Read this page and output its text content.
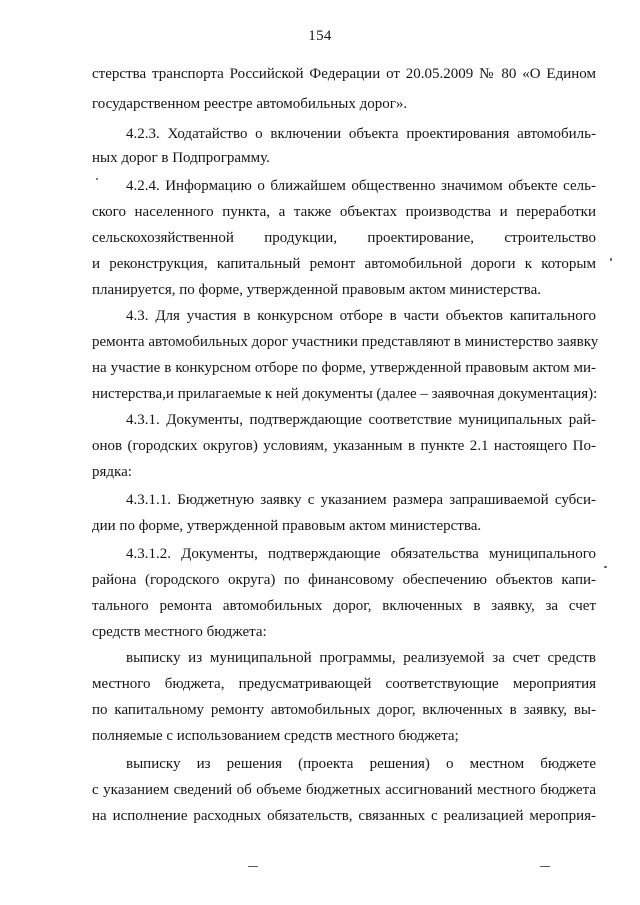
154
стерства транспорта Российской Федерации от 20.05.2009 № 80 «О Едином
государственном реестре автомобильных дорог».
4.2.3. Ходатайство о включении объекта проектирования автомобиль-
ных дорог в Подпрограмму.
4.2.4. Информацию о ближайшем общественно значимом объекте сель-
ского населенного пункта, а также объектах производства и переработки
сельскохозяйственной продукции, проектирование, строительство
и реконструкция, капитальный ремонт автомобильной дороги к которым
планируется, по форме, утвержденной правовым актом министерства.
4.3. Для участия в конкурсном отборе в части объектов капитального
ремонта автомобильных дорог участники представляют в министерство заявку
на участие в конкурсном отборе по форме, утвержденной правовым актом ми-
нистерства,и прилагаемые к ней документы (далее – заявочная документация):
4.3.1. Документы, подтверждающие соответствие муниципальных рай-
онов (городских округов) условиям, указанным в пункте 2.1 настоящего По-
рядка:
4.3.1.1. Бюджетную заявку с указанием размера запрашиваемой субси-
дии по форме, утвержденной правовым актом министерства.
4.3.1.2. Документы, подтверждающие обязательства муниципального
района (городского округа) по финансовому обеспечению объектов капи-
тального ремонта автомобильных дорог, включенных в заявку, за счет
средств местного бюджета:
выписку из муниципальной программы, реализуемой за счет средств
местного бюджета, предусматривающей соответствующие мероприятия
по капитальному ремонту автомобильных дорог, включенных в заявку, вы-
полняемые с использованием средств местного бюджета;
выписку из решения (проекта решения) о местном бюджете
с указанием сведений об объеме бюджетных ассигнований местного бюджета
на исполнение расходных обязательств, связанных с реализацией мероприя-
